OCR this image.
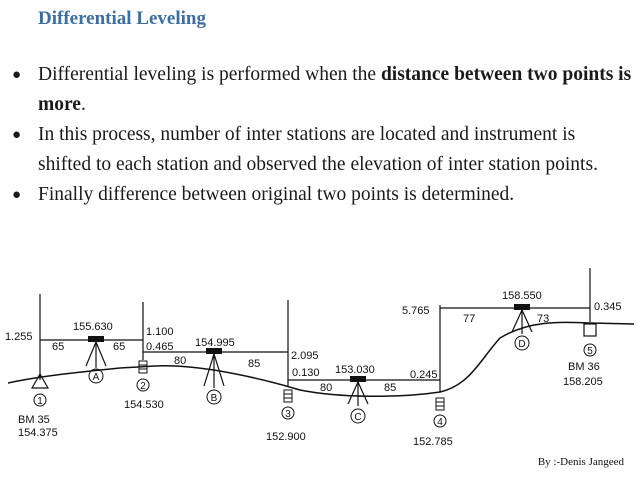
Differential Leveling
● Differential leveling is performed when the distance between two points is more.
● In this process, number of inter stations are located and instrument is shifted to each station and observed the elevation of inter station points.
● Finally difference between original two points is determined.
A
B
C
D
1
2
3
4
5
1.255	1.100
0.465
2.095
0.130	0.245
5.765	0.345
155.630
154.995
153.030
158.550
65	65
80	85
80	85
77	73
BM 35
154.375
154.530
152.900	152.785
BM 36
158.205
By :-Denis Jangeed
